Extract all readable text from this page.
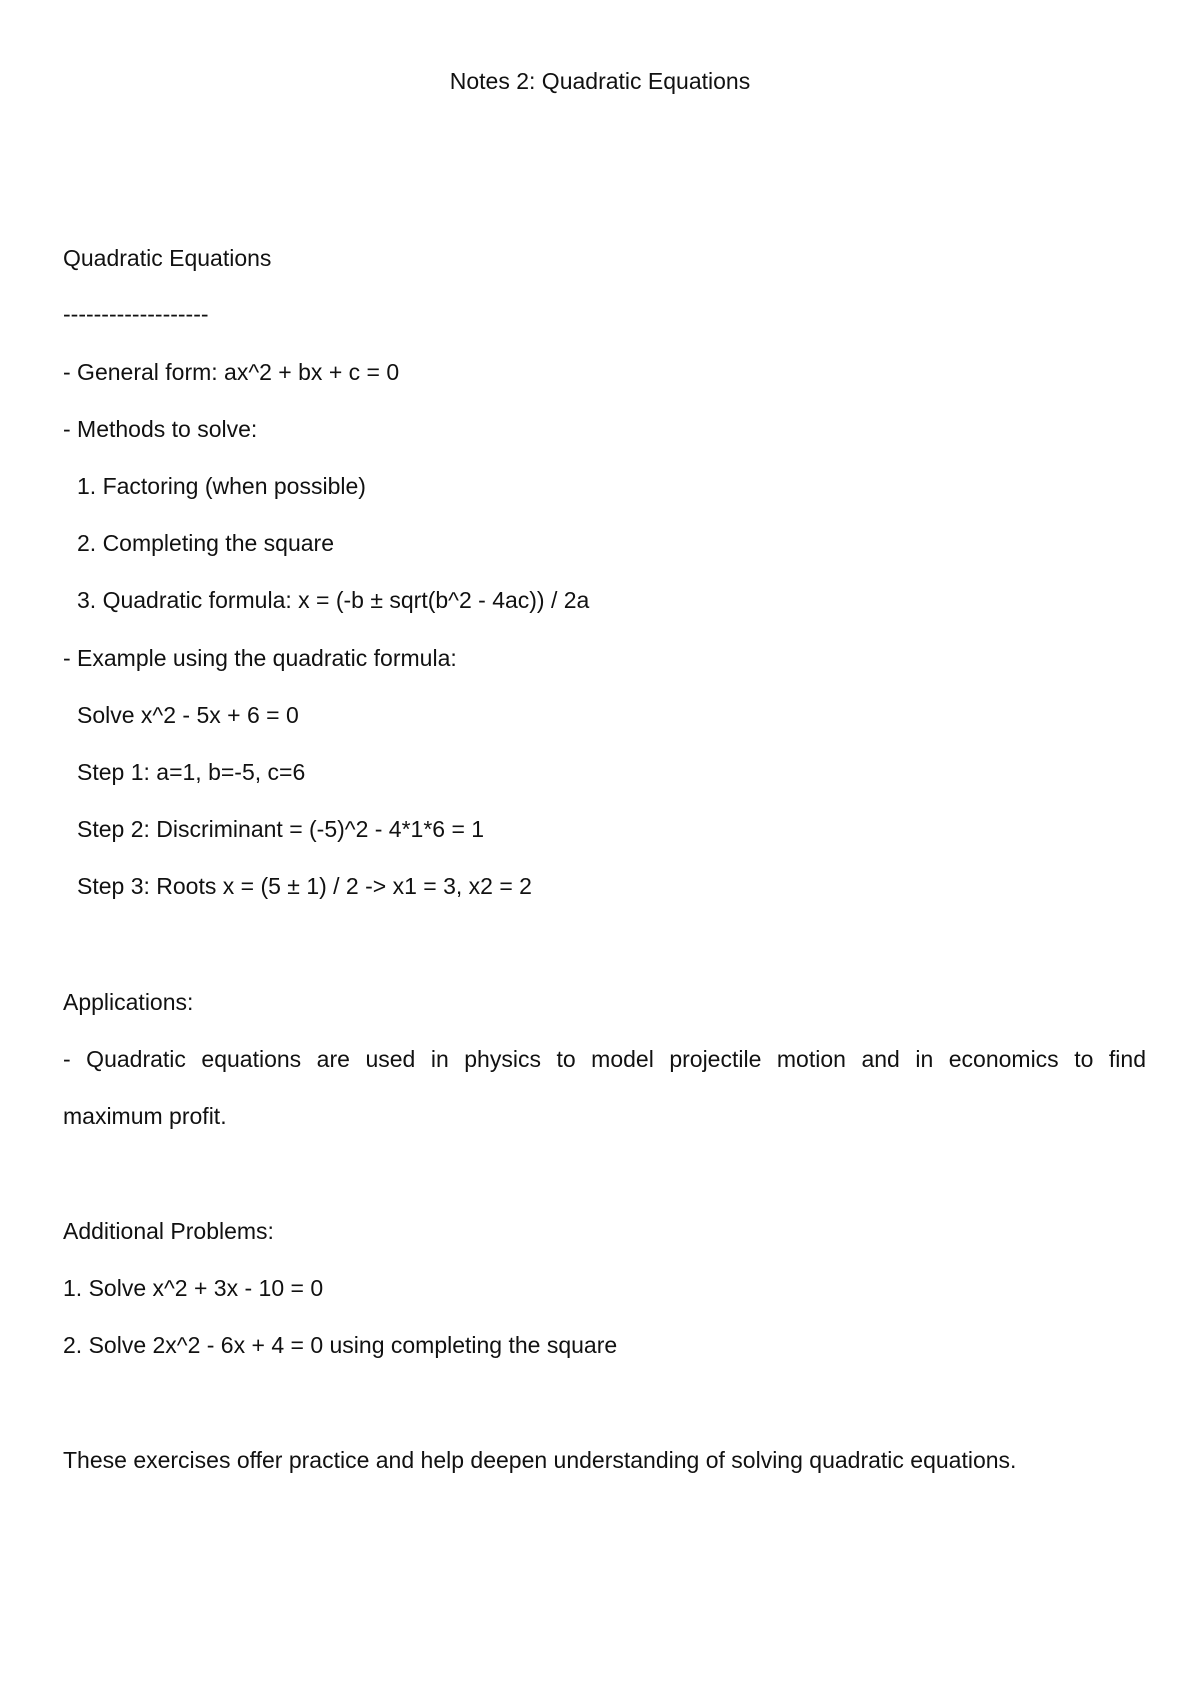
Notes 2: Quadratic Equations
Quadratic Equations
-------------------
- General form: ax^2 + bx + c = 0
- Methods to solve:
1. Factoring (when possible)
2. Completing the square
3. Quadratic formula: x = (-b ± sqrt(b^2 - 4ac)) / 2a
- Example using the quadratic formula:
Solve x^2 - 5x + 6 = 0
Step 1: a=1, b=-5, c=6
Step 2: Discriminant = (-5)^2 - 4*1*6 = 1
Step 3: Roots x = (5 ± 1) / 2 -> x1 = 3, x2 = 2
Applications:
- Quadratic equations are used in physics to model projectile motion and in economics to find
maximum profit.
Additional Problems:
1. Solve x^2 + 3x - 10 = 0
2. Solve 2x^2 - 6x + 4 = 0 using completing the square
These exercises offer practice and help deepen understanding of solving quadratic equations.
